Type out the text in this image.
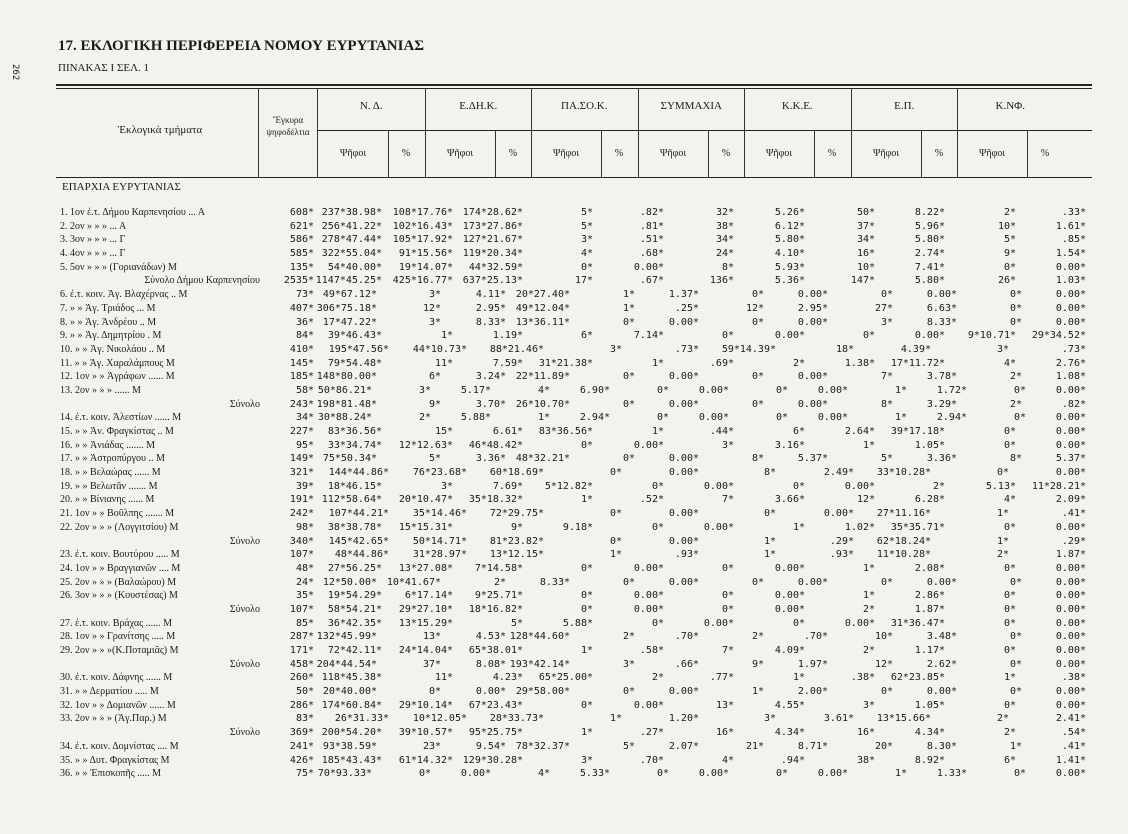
262
17. ΕΚΛΟΓΙΚΗ ΠΕΡΙΦΕΡΕΙΑ ΝΟΜΟΥ ΕΥΡΥΤΑΝΙΑΣ
ΠΙΝΑΚΑΣ Ι ΣΕΛ. 1
Ἐκλογικὰ τμήματα
Ἔγκυρα ψηφοδέλτια
Ν. Δ.
Ψῆφοι	%
Ε.ΔΗ.Κ.
Ψῆφοι	%
ΠΑ.ΣΟ.Κ.
Ψῆφοι	%
ΣΥΜΜΑΧΙΑ
Ψῆφοι	%
Κ.Κ.Ε.
Ψῆφοι	%
Ε.Π.
Ψῆφοι	%
Κ.ΝΦ.
Ψῆφοι	%
ΕΠΑΡΧΙΑ ΕΥΡΥΤΑΝΙΑΣ
1. 1ον ἐ.τ. Δήμου Καρπενησίου ... Α	608* 237*38.98*	108*17.76* 174*28.62*	5*	.82*	32*	5.26*	50*	8.22*	2*	.33*
2. 2ον » » » ... Α	621* 256*41.22*	102*16.43* 173*27.86*	5*	.81*	38*	6.12*	37*	5.96*	10*	1.61*
3. 3ον » » » ... Γ	586* 278*47.44*	105*17.92* 127*21.67*	3*	.51*	34*	5.80*	34*	5.80*	5*	.85*
4. 4ον » » » ... Γ	585* 322*55.04*	91*15.56* 119*20.34*	4*	.68*	24*	4.10*	16*	2.74*	9*	1.54*
5. 5ον » » » (Γοριανάδων) Μ	135*	54*40.00*	19*14.07*	44*32.59*	0*	0.00*	8*	5.93*	10*	7.41*	0*	0.00*
Σύνολο Δήμου Καρπενησίου	2535* 1147*45.25*	425*16.77* 637*25.13*	17*	.67*	136*	5.36*	147*	5.80*	26*	1.03*
6. ἐ.τ. κοιν. Ἁγ. Βλαχέρνας .. Μ	73* 49*67.12*	3*	4.11* 20*27.40*	1*	1.37*	0*	0.00*	0*	0.00*	0*	0.00*
7. » » Ἁγ. Τριάδος ... Μ	407* 306*75.18*	12*	2.95* 49*12.04*	1*	.25*	12*	2.95*	27*	6.63*	0*	0.00*
8. » » Ἁγ. Ἀνδρέου .. Μ	36* 17*47.22*	3*	8.33* 13*36.11*	0*	0.00*	0*	0.00*	3*	8.33*	0*	0.00*
9. » » Ἁγ. Δημητρίου . Μ	84*	39*46.43*	1*	1.19*	6*	7.14*	0*	0.00*	0*	0.00*	9*10.71*	29*34.52*
10. » » Ἁγ. Νικολάου .. Μ	410*	195*47.56*	44*10.73*	88*21.46*	3*	.73*	59*14.39*	18*	4.39*	3*	.73*
11. » » Ἁγ. Χαραλάμπους Μ	145*	79*54.48*	11*	7.59*	31*21.38*	1*	.69*	2*	1.38*	17*11.72*	4*	2.76*
12. 1ον » » Ἀγράφων ...... Μ	185* 148*80.00*	6*	3.24* 22*11.89*	0*	0.00*	0*	0.00*	7*	3.78*	2*	1.08*
13. 2ον » » » ...... Μ	58* 50*86.21*	3*	5.17*	4*	6.90*	0*	0.00*	0*	0.00*	1*	1.72*	0*	0.00*
Σύνολο	243* 198*81.48*	9*	3.70* 26*10.70*	0*	0.00*	0*	0.00*	8*	3.29*	2*	.82*
14. ἐ.τ. κοιν. Ἀλεστίων ...... Μ	34* 30*88.24*	2*	5.88*	1*	2.94*	0*	0.00*	0*	0.00*	1*	2.94*	0*	0.00*
15. » » Ἀν. Φραγκίστας .. Μ	227*	83*36.56*	15*	6.61*	83*36.56*	1*	.44*	6*	2.64*	39*17.18*	0*	0.00*
16. » » Ἀνιάδας ....... Μ	95*	33*34.74*	12*12.63*	46*48.42*	0*	0.00*	3*	3.16*	1*	1.05*	0*	0.00*
17. » » Ἀστροπύργου .. Μ	149* 75*50.34*	5*	3.36* 48*32.21*	0*	0.00*	8*	5.37*	5*	3.36*	8*	5.37*
18. » » Βελαώρας ...... Μ	321*	144*44.86*	76*23.68*	60*18.69*	0*	0.00*	8*	2.49*	33*10.28*	0*	0.00*
19. » » Βελωτᾶν ....... Μ	39*	18*46.15*	3*	7.69*	5*12.82*	0*	0.00*	0*	0.00*	2*	5.13*	11*28.21*
20. » » Βίνιανης ...... Μ	191* 112*58.64*	20*10.47*	35*18.32*	1*	.52*	7*	3.66*	12*	6.28*	4*	2.09*
21. 1ον » » Βοῦλπης ....... Μ	242*	107*44.21*	35*14.46*	72*29.75*	0*	0.00*	0*	0.00*	27*11.16*	1*	.41*
22. 2ον » » » (Λογγιτσίου) Μ	98*	38*38.78*	15*15.31*	9*	9.18*	0*	0.00*	1*	1.02*	35*35.71*	0*	0.00*
Σύνολο	340*	145*42.65*	50*14.71*	81*23.82*	0*	0.00*	1*	.29*	62*18.24*	1*	.29*
23. ἐ.τ. κοιν. Βουτύρου ..... Μ	107*	48*44.86*	31*28.97*	13*12.15*	1*	.93*	1*	.93*	11*10.28*	2*	1.87*
24. 1ον » » Βραγγιανῶν .... Μ	48*	27*56.25*	13*27.08*	7*14.58*	0*	0.00*	0*	0.00*	1*	2.08*	0*	0.00*
25. 2ον » » » (Βαλαώρου) Μ	24* 12*50.00* 10*41.67*	2*	8.33*	0*	0.00*	0*	0.00*	0*	0.00*	0*	0.00*
26. 3ον » » » (Κουστέσας) Μ	35*	19*54.29*	6*17.14*	9*25.71*	0*	0.00*	0*	0.00*	1*	2.86*	0*	0.00*
Σύνολο	107*	58*54.21*	29*27.10*	18*16.82*	0*	0.00*	0*	0.00*	2*	1.87*	0*	0.00*
27. ἐ.τ. κοιν. Βράχας ...... Μ	85*	36*42.35*	13*15.29*	5*	5.88*	0*	0.00*	0*	0.00*	31*36.47*	0*	0.00*
28. 1ον » » Γρανίτσης ..... Μ	287* 132*45.99*	13*	4.53* 128*44.60*	2*	.70*	2*	.70*	10*	3.48*	0*	0.00*
29. 2ον » » »(Κ.Ποταμιᾶς) Μ	171*	72*42.11*	24*14.04*	65*38.01*	1*	.58*	7*	4.09*	2*	1.17*	0*	0.00*
Σύνολο	458* 204*44.54*	37*	8.08* 193*42.14*	3*	.66*	9*	1.97*	12*	2.62*	0*	0.00*
30. ἐ.τ. κοιν. Δάφνης ...... Μ	260* 118*45.38*	11*	4.23*	65*25.00*	2*	.77*	1*	.38*	62*23.85*	1*	.38*
31. » » Δερματίου ..... Μ	50* 20*40.00*	0*	0.00* 29*58.00*	0*	0.00*	1*	2.00*	0*	0.00*	0*	0.00*
32. 1ον » » Δομιανῶν ...... Μ	286* 174*60.84*	29*10.14*	67*23.43*	0*	0.00*	13*	4.55*	3*	1.05*	0*	0.00*
33. 2ον » » » (Ἁγ.Παρ.) Μ	83*	26*31.33*	10*12.05*	28*33.73*	1*	1.20*	3*	3.61*	13*15.66*	2*	2.41*
Σύνολο	369* 200*54.20*	39*10.57*	95*25.75*	1*	.27*	16*	4.34*	16*	4.34*	2*	.54*
34. ἐ.τ. κοιν. Δομνίστας .... Μ	241* 93*38.59*	23*	9.54* 78*32.37*	5*	2.07*	21*	8.71*	20*	8.30*	1*	.41*
35. » » Δυτ. Φραγκίστας Μ	426* 185*43.43*	61*14.32* 129*30.28*	3*	.70*	4*	.94*	38*	8.92*	6*	1.41*
36. » » Ἐπισκοπῆς ..... Μ	75* 70*93.33*	0*	0.00*	4*	5.33*	0*	0.00*	0*	0.00*	1*	1.33*	0*	0.00*
